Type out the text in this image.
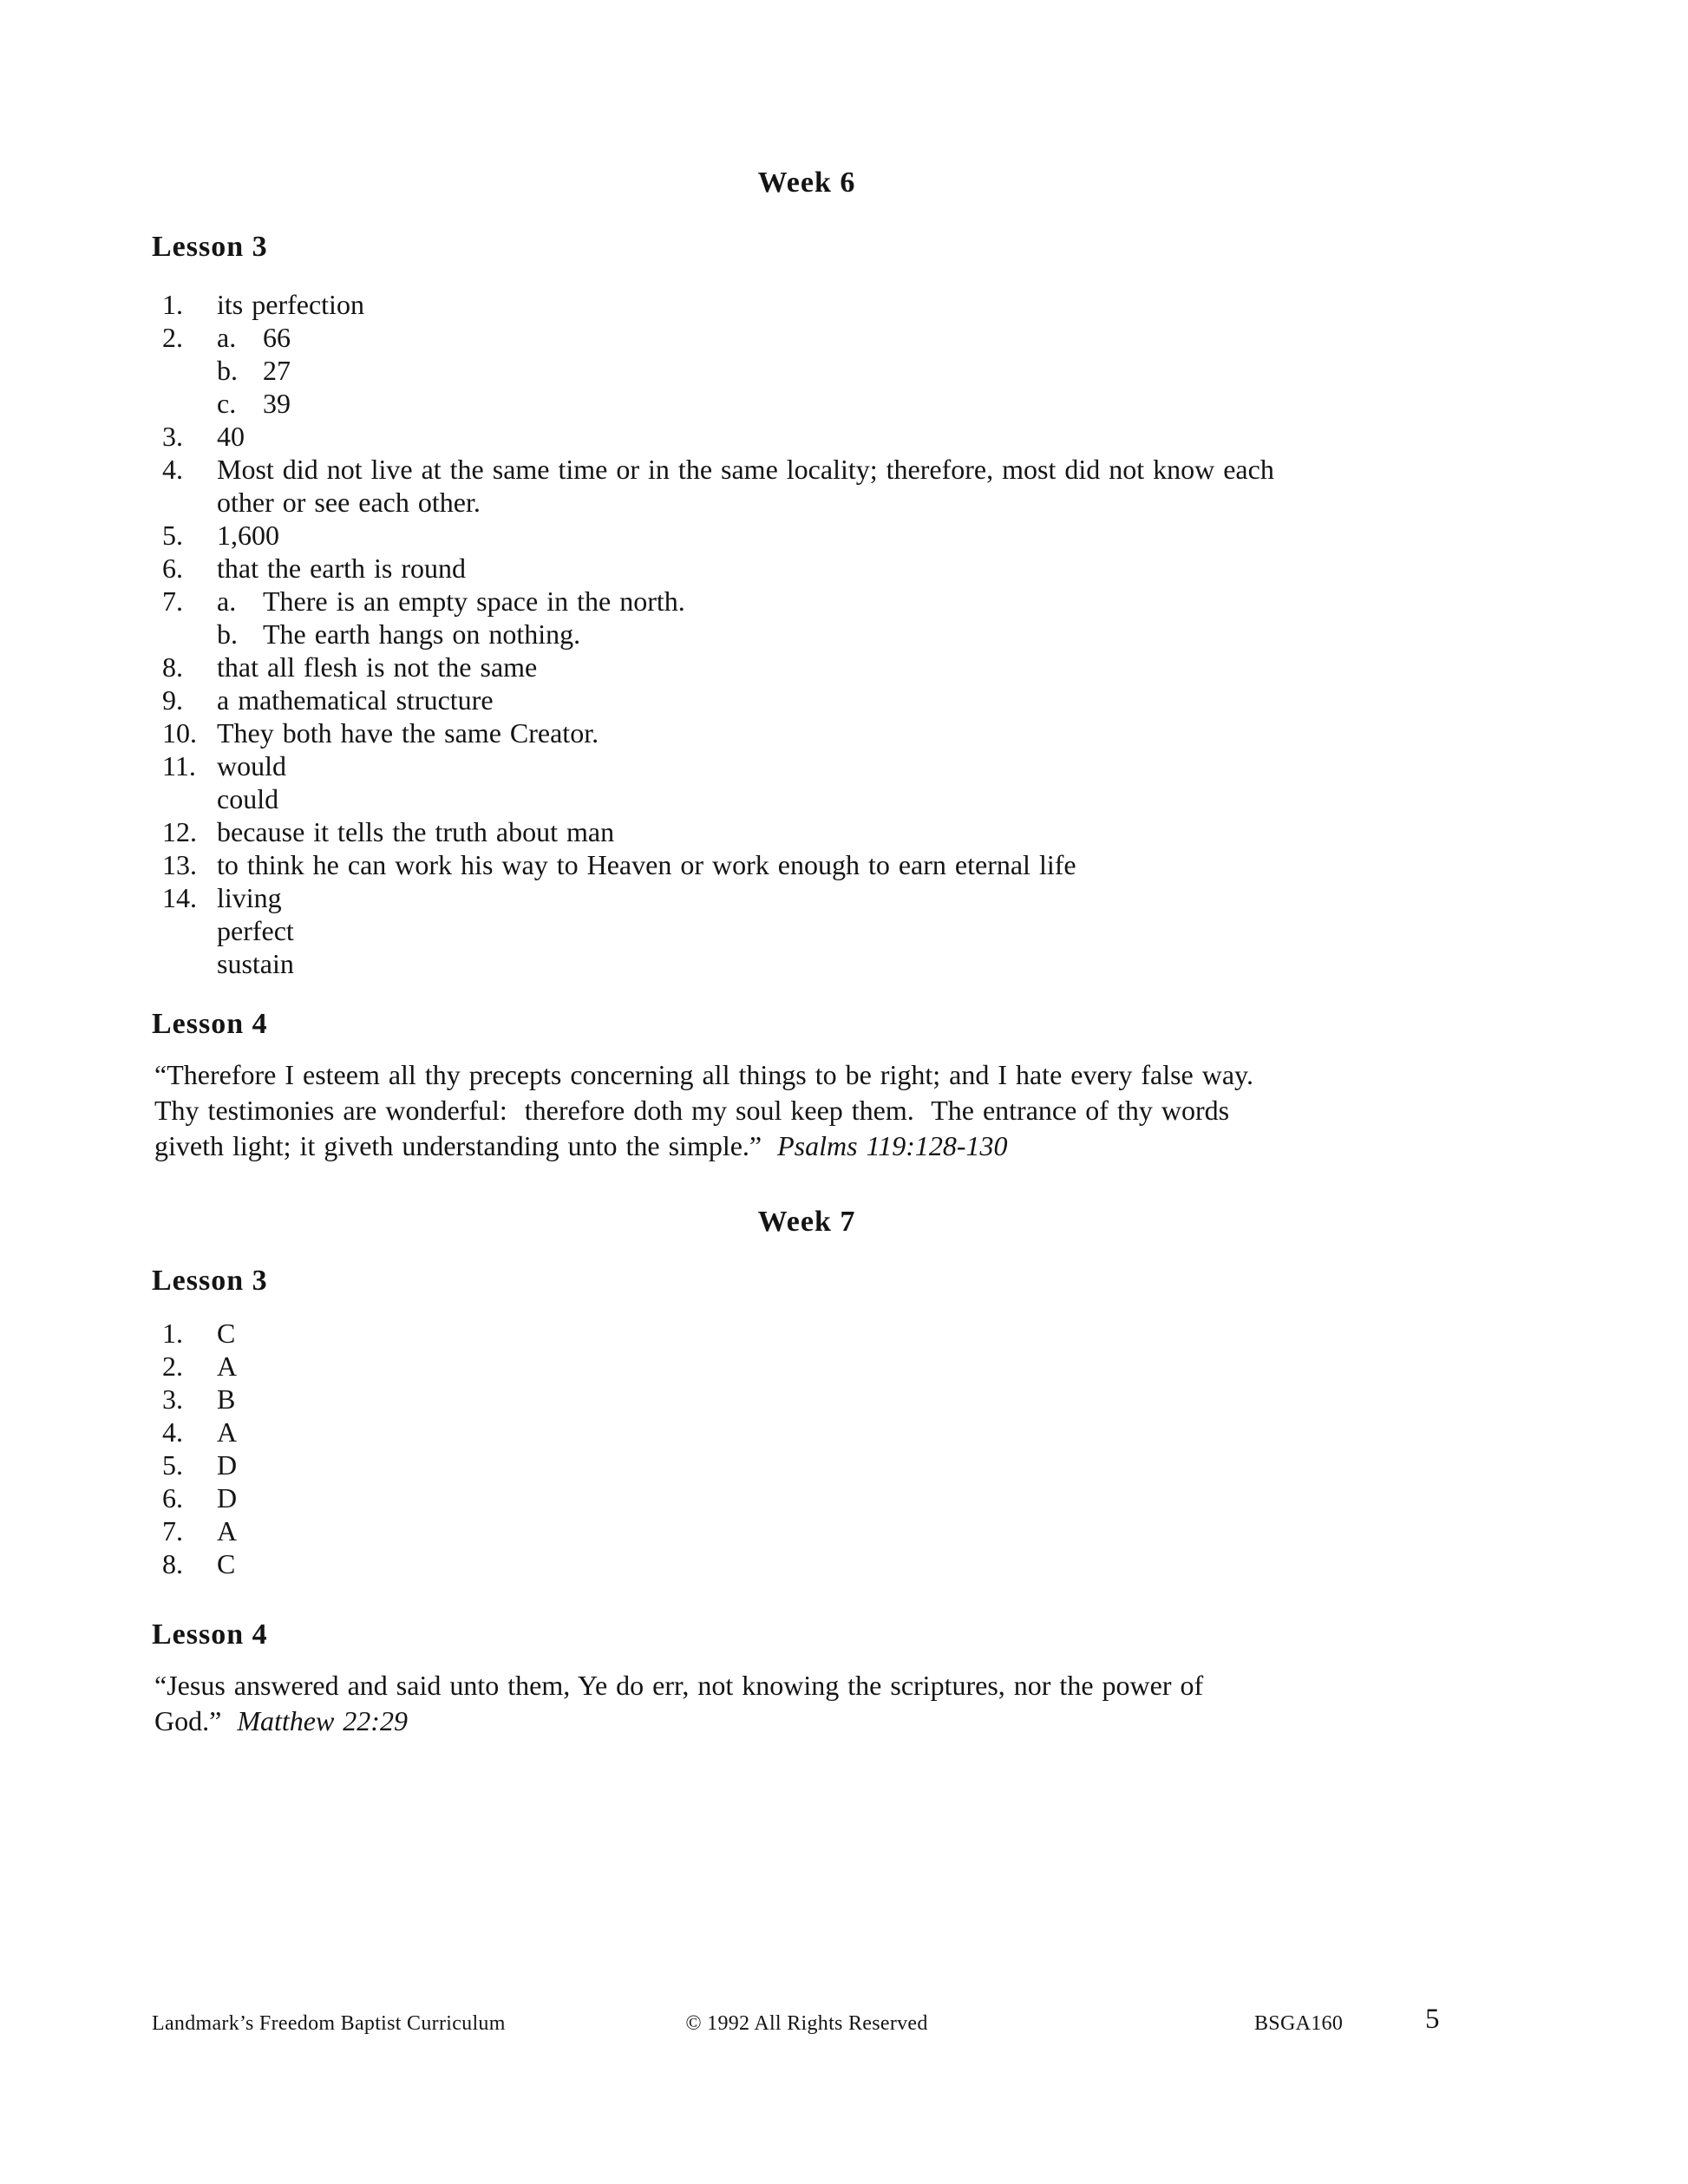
Week 6
Lesson 3
1.	its perfection
2.	a. 66
b. 27
c. 39
3.	40
4.	Most did not live at the same time or in the same locality; therefore, most did not know each
other or see each other.
5.	1,600
6.	that the earth is round
7.	a. There is an empty space in the north.
b. The earth hangs on nothing.
8.	that all flesh is not the same
9.	a mathematical structure
10. They both have the same Creator.
11. would
could
12. because it tells the truth about man
13. to think he can work his way to Heaven or work enough to earn eternal life
14. living
perfect
sustain
Lesson 4
“Therefore I esteem all thy precepts concerning all things to be right; and I hate every false way.
Thy testimonies are wonderful:  therefore doth my soul keep them.  The entrance of thy words
giveth light; it giveth understanding unto the simple.” Psalms 119:128-130
Week 7
Lesson 3
1.	C
2.	A
3.	B
4.	A
5.	D
6.	D
7.	A
8.	C
Lesson 4
“Jesus answered and said unto them, Ye do err, not knowing the scriptures, nor the power of
God.” Matthew 22:29
Landmark’s Freedom Baptist Curriculum	© 1992 All Rights Reserved	BSGA160	5
